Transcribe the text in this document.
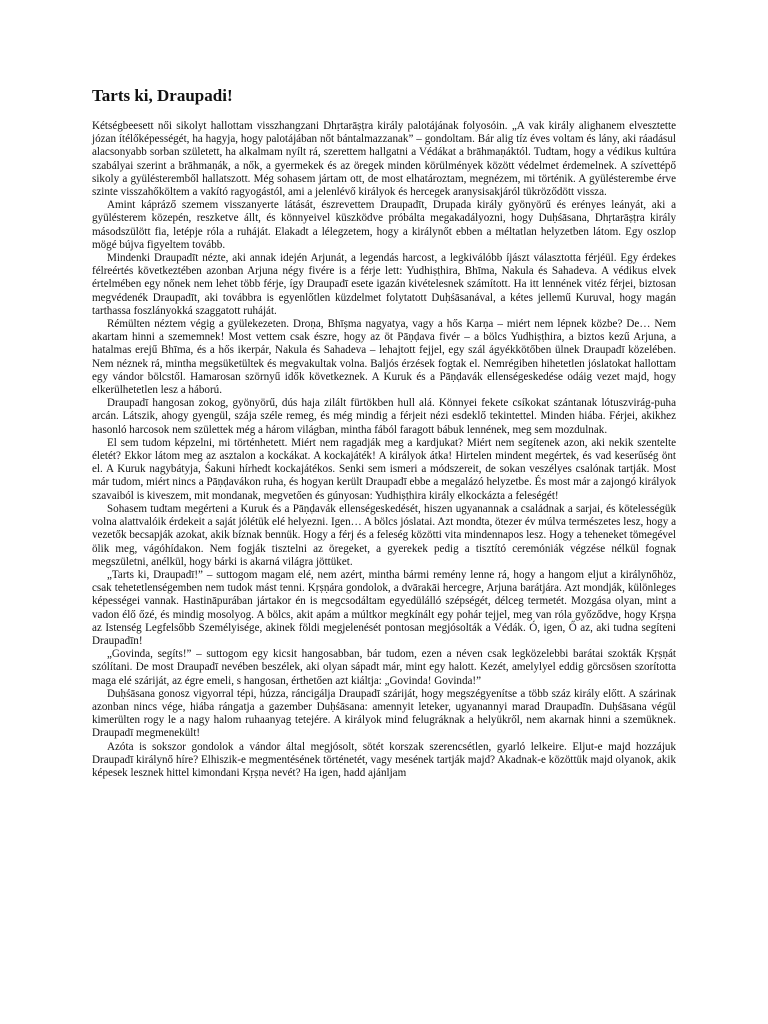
Tarts ki, Draupadi!

Kétségbeesett női sikolyt hallottam visszhangzani Dhṛtarāṣṭra király palotájának folyosóin. „A vak király alighanem elvesztette józan ítélőképességét, ha hagyja, hogy palotájában nőt bántalmazzanak” – gondoltam. Bár alig tíz éves voltam és lány, aki ráadásul alacsonyabb sorban született, ha alkalmam nyílt rá, szerettem hallgatni a Védákat a brāhmaṇáktól. Tudtam, hogy a védikus kultúra szabályai szerint a brāhmaṇák, a nők, a gyermekek és az öregek minden körülmények között védelmet érdemelnek. A szívettépő sikoly a gyülésteremből hallatszott. Még sohasem jártam ott, de most elhatároztam, megnézem, mi történik. A gyülésterembe érve szinte visszahőköltem a vakító ragyogástól, ami a jelenlévő királyok és hercegek aranysisakjáról tükröződött vissza.

Amint kápráző szemem visszanyerte látását, észrevettem Draupadīt, Drupada király gyönyörű és erényes leányát, aki a gyülésterem közepén, reszketve állt, és könnyeivel küszködve próbálta megakadályozni, hogy Duḥśāsana, Dhṛtarāṣṭra király másodszülött fia, letépje róla a ruháját. Elakadt a lélegzetem, hogy a királynőt ebben a méltatlan helyzetben látom. Egy oszlop mögé bújva figyeltem tovább.

Mindenki Draupadīt nézte, aki annak idején Arjunát, a legendás harcost, a legkiválóbb íjászt választotta férjéül. Egy érdekes félreértés következtében azonban Arjuna négy fivére is a férje lett: Yudhiṣṭhira, Bhīma, Nakula és Sahadeva. A védikus elvek értelmében egy nőnek nem lehet több férje, így Draupadī esete igazán kivételesnek számított. Ha itt lennének vitéz férjei, biztosan megvédenék Draupadīt, aki továbbra is egyenlőtlen küzdelmet folytatott Duḥśāsanával, a kétes jellemű Kuruval, hogy magán tarthassa foszlányokká szaggatott ruháját.

Rémülten néztem végig a gyülekezeten. Droṇa, Bhīṣma nagyatya, vagy a hős Karṇa – miért nem lépnek közbe? De… Nem akartam hinni a szememnek! Most vettem csak észre, hogy az öt Pāṇḍava fivér – a bölcs Yudhiṣṭhira, a biztos kezű Arjuna, a hatalmas erejű Bhīma, és a hős ikerpár, Nakula és Sahadeva – lehajtott fejjel, egy szál ágyékkötőben ülnek Draupadī közelében. Nem néznek rá, mintha megsüketültek és megvakultak volna. Baljós érzések fogtak el. Nemrégiben hihetetlen jóslatokat hallottam egy vándor bölcstől. Hamarosan szörnyű idők következnek. A Kuruk és a Pāṇḍavák ellenségeskedése odáig vezet majd, hogy elkerülhetetlen lesz a háború.

Draupadī hangosan zokog, gyönyörű, dús haja zilált fürtökben hull alá. Könnyei fekete csíkokat szántanak lótuszvirág-puha arcán. Látszik, ahogy gyengül, szája széle remeg, és még mindig a férjeit nézi esdeklő tekintettel. Minden hiába. Férjei, akikhez hasonló harcosok nem születtek még a három világban, mintha fából faragott bábuk lennének, meg sem mozdulnak.

El sem tudom képzelni, mi történhetett. Miért nem ragadják meg a kardjukat? Miért nem segítenek azon, aki nekik szentelte életét? Ekkor látom meg az asztalon a kockákat. A kockajáték! A királyok átka! Hirtelen mindent megértek, és vad keserűség önt el. A Kuruk nagybátyja, Śakuni hírhedt kockajátékos. Senki sem ismeri a módszereit, de sokan veszélyes csalónak tartják. Most már tudom, miért nincs a Pāṇḍavákon ruha, és hogyan került Draupadī ebbe a megalázó helyzetbe. És most már a zajongó királyok szavaiból is kiveszem, mit mondanak, megvetően és gúnyosan: Yudhiṣṭhira király elkockázta a feleségét!

Sohasem tudtam megérteni a Kuruk és a Pāṇḍavák ellenségeskedését, hiszen ugyanannak a családnak a sarjai, és kötelességük volna alattvalóik érdekeit a saját jólétük elé helyezni. Igen… A bölcs jóslatai. Azt mondta, ötezer év múlva természetes lesz, hogy a vezetők becsapják azokat, akik bíznak bennük. Hogy a férj és a feleség közötti vita mindennapos lesz. Hogy a teheneket tömegével ölik meg, vágóhídakon. Nem fogják tisztelni az öregeket, a gyerekek pedig a tisztító ceremóniák végzése nélkül fognak megszületni, anélkül, hogy bárki is akarná világra jöttüket.

„Tarts ki, Draupadī!” – suttogom magam elé, nem azért, mintha bármi remény lenne rá, hogy a hangom eljut a királynőhöz, csak tehetetlenségemben nem tudok mást tenni. Kṛṣṇára gondolok, a dvārakāi hercegre, Arjuna barátjára. Azt mondják, különleges képességei vannak. Hastināpurában jártakor én is megcsodáltam egyedülálló szépségét, délceg termetét. Mozgása olyan, mint a vadon élő őzé, és mindig mosolyog. A bölcs, akit apám a múltkor megkínált egy pohár tejjel, meg van róla győződve, hogy Kṛṣṇa az Istenség Legfelsőbb Személyisége, akinek földi megjelenését pontosan megjósolták a Védák. Ó, igen, Ő az, aki tudna segíteni Draupadīn!

„Govinda, segíts!” – suttogom egy kicsit hangosabban, bár tudom, ezen a néven csak legközelebbi barátai szokták Kṛṣṇát szólítani. De most Draupadī nevében beszélek, aki olyan sápadt már, mint egy halott. Kezét, amelylyel eddig görcsösen szorította maga elé száriját, az égre emeli, s hangosan, érthetően azt kiáltja: „Govinda! Govinda!”

Duḥśāsana gonosz vigyorral tépi, húzza, ráncigálja Draupadī száriját, hogy megszégyenítse a több száz király előtt. A szárinak azonban nincs vége, hiába rángatja a gazember Duḥśāsana: amennyit leteker, ugyanannyi marad Draupadīn. Duḥśāsana végül kimerülten rogy le a nagy halom ruhaanyag tetejére. A királyok mind felugráknak a helyükről, nem akarnak hinni a szemüknek. Draupadī megmenekült!

Azóta is sokszor gondolok a vándor által megjósolt, sötét korszak szerencsétlen, gyarló lelkeire. Eljut-e majd hozzájuk Draupadī királynő híre? Elhiszik-e megmentésének történetét, vagy mesének tartják majd? Akadnak-e közöttük majd olyanok, akik képesek lesznek hittel kimondani Kṛṣṇa nevét? Ha igen, hadd ajánljam
